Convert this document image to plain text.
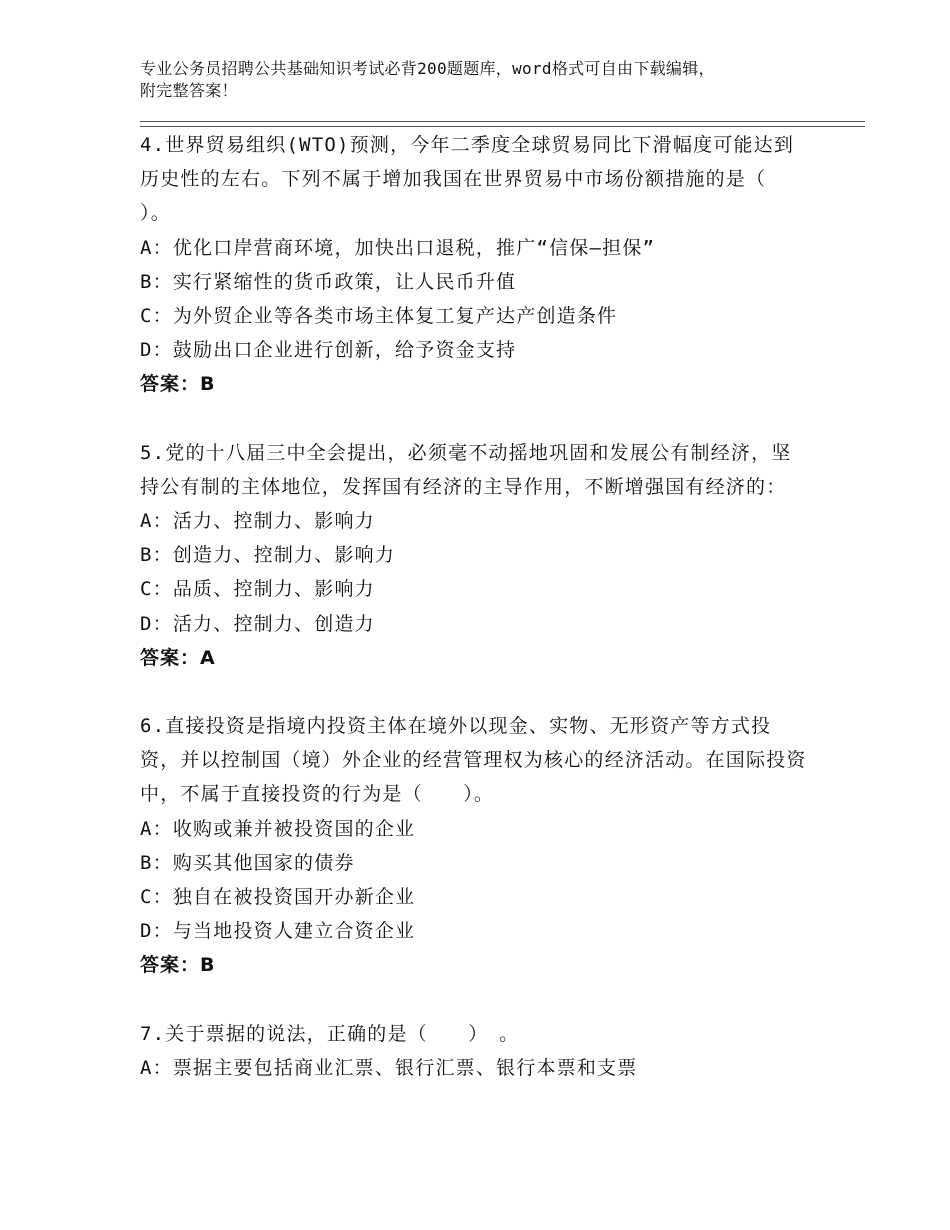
专业公务员招聘公共基础知识考试必背200题题库，word格式可自由下载编辑，
附完整答案！
4.世界贸易组织(WTO)预测，今年二季度全球贸易同比下滑幅度可能达到历史性的左右。下列不属于增加我国在世界贸易中市场份额措施的是（　　）。
A：优化口岸营商环境，加快出口退税，推广“信保—担保”
B：实行紧缩性的货币政策，让人民币升值
C：为外贸企业等各类市场主体复工复产达产创造条件
D：鼓励出口企业进行创新，给予资金支持
答案：B
5.党的十八届三中全会提出，必须毫不动摇地巩固和发展公有制经济，坚持公有制的主体地位，发挥国有经济的主导作用，不断增强国有经济的：
A：活力、控制力、影响力
B：创造力、控制力、影响力
C：品质、控制力、影响力
D：活力、控制力、创造力
答案：A
6.直接投资是指境内投资主体在境外以现金、实物、无形资产等方式投资，并以控制国（境）外企业的经营管理权为核心的经济活动。在国际投资中，不属于直接投资的行为是（　　）。
A：收购或兼并被投资国的企业
B：购买其他国家的债券
C：独自在被投资国开办新企业
D：与当地投资人建立合资企业
答案：B
7.关于票据的说法，正确的是（　　）　。
A：票据主要包括商业汇票、银行汇票、银行本票和支票
